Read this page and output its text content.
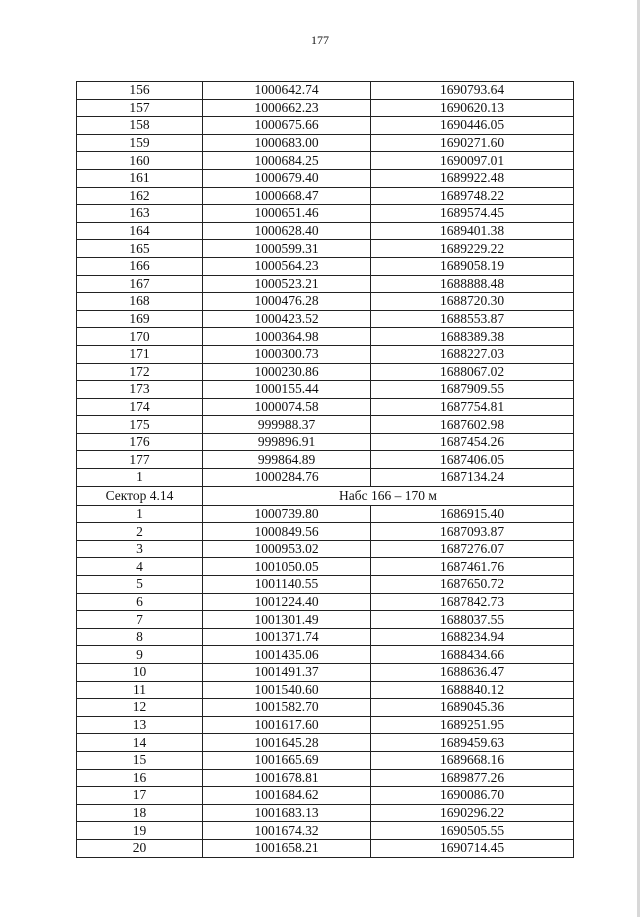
177
156	1000642.74	1690793.64
157	1000662.23	1690620.13
158	1000675.66	1690446.05
159	1000683.00	1690271.60
160	1000684.25	1690097.01
161	1000679.40	1689922.48
162	1000668.47	1689748.22
163	1000651.46	1689574.45
164	1000628.40	1689401.38
165	1000599.31	1689229.22
166	1000564.23	1689058.19
167	1000523.21	1688888.48
168	1000476.28	1688720.30
169	1000423.52	1688553.87
170	1000364.98	1688389.38
171	1000300.73	1688227.03
172	1000230.86	1688067.02
173	1000155.44	1687909.55
174	1000074.58	1687754.81
175	999988.37	1687602.98
176	999896.91	1687454.26
177	999864.89	1687406.05
1	1000284.76	1687134.24
Сектор 4.14	Набс 166 – 170 м	
1	1000739.80	1686915.40
2	1000849.56	1687093.87
3	1000953.02	1687276.07
4	1001050.05	1687461.76
5	1001140.55	1687650.72
6	1001224.40	1687842.73
7	1001301.49	1688037.55
8	1001371.74	1688234.94
9	1001435.06	1688434.66
10	1001491.37	1688636.47
11	1001540.60	1688840.12
12	1001582.70	1689045.36
13	1001617.60	1689251.95
14	1001645.28	1689459.63
15	1001665.69	1689668.16
16	1001678.81	1689877.26
17	1001684.62	1690086.70
18	1001683.13	1690296.22
19	1001674.32	1690505.55
20	1001658.21	1690714.45
